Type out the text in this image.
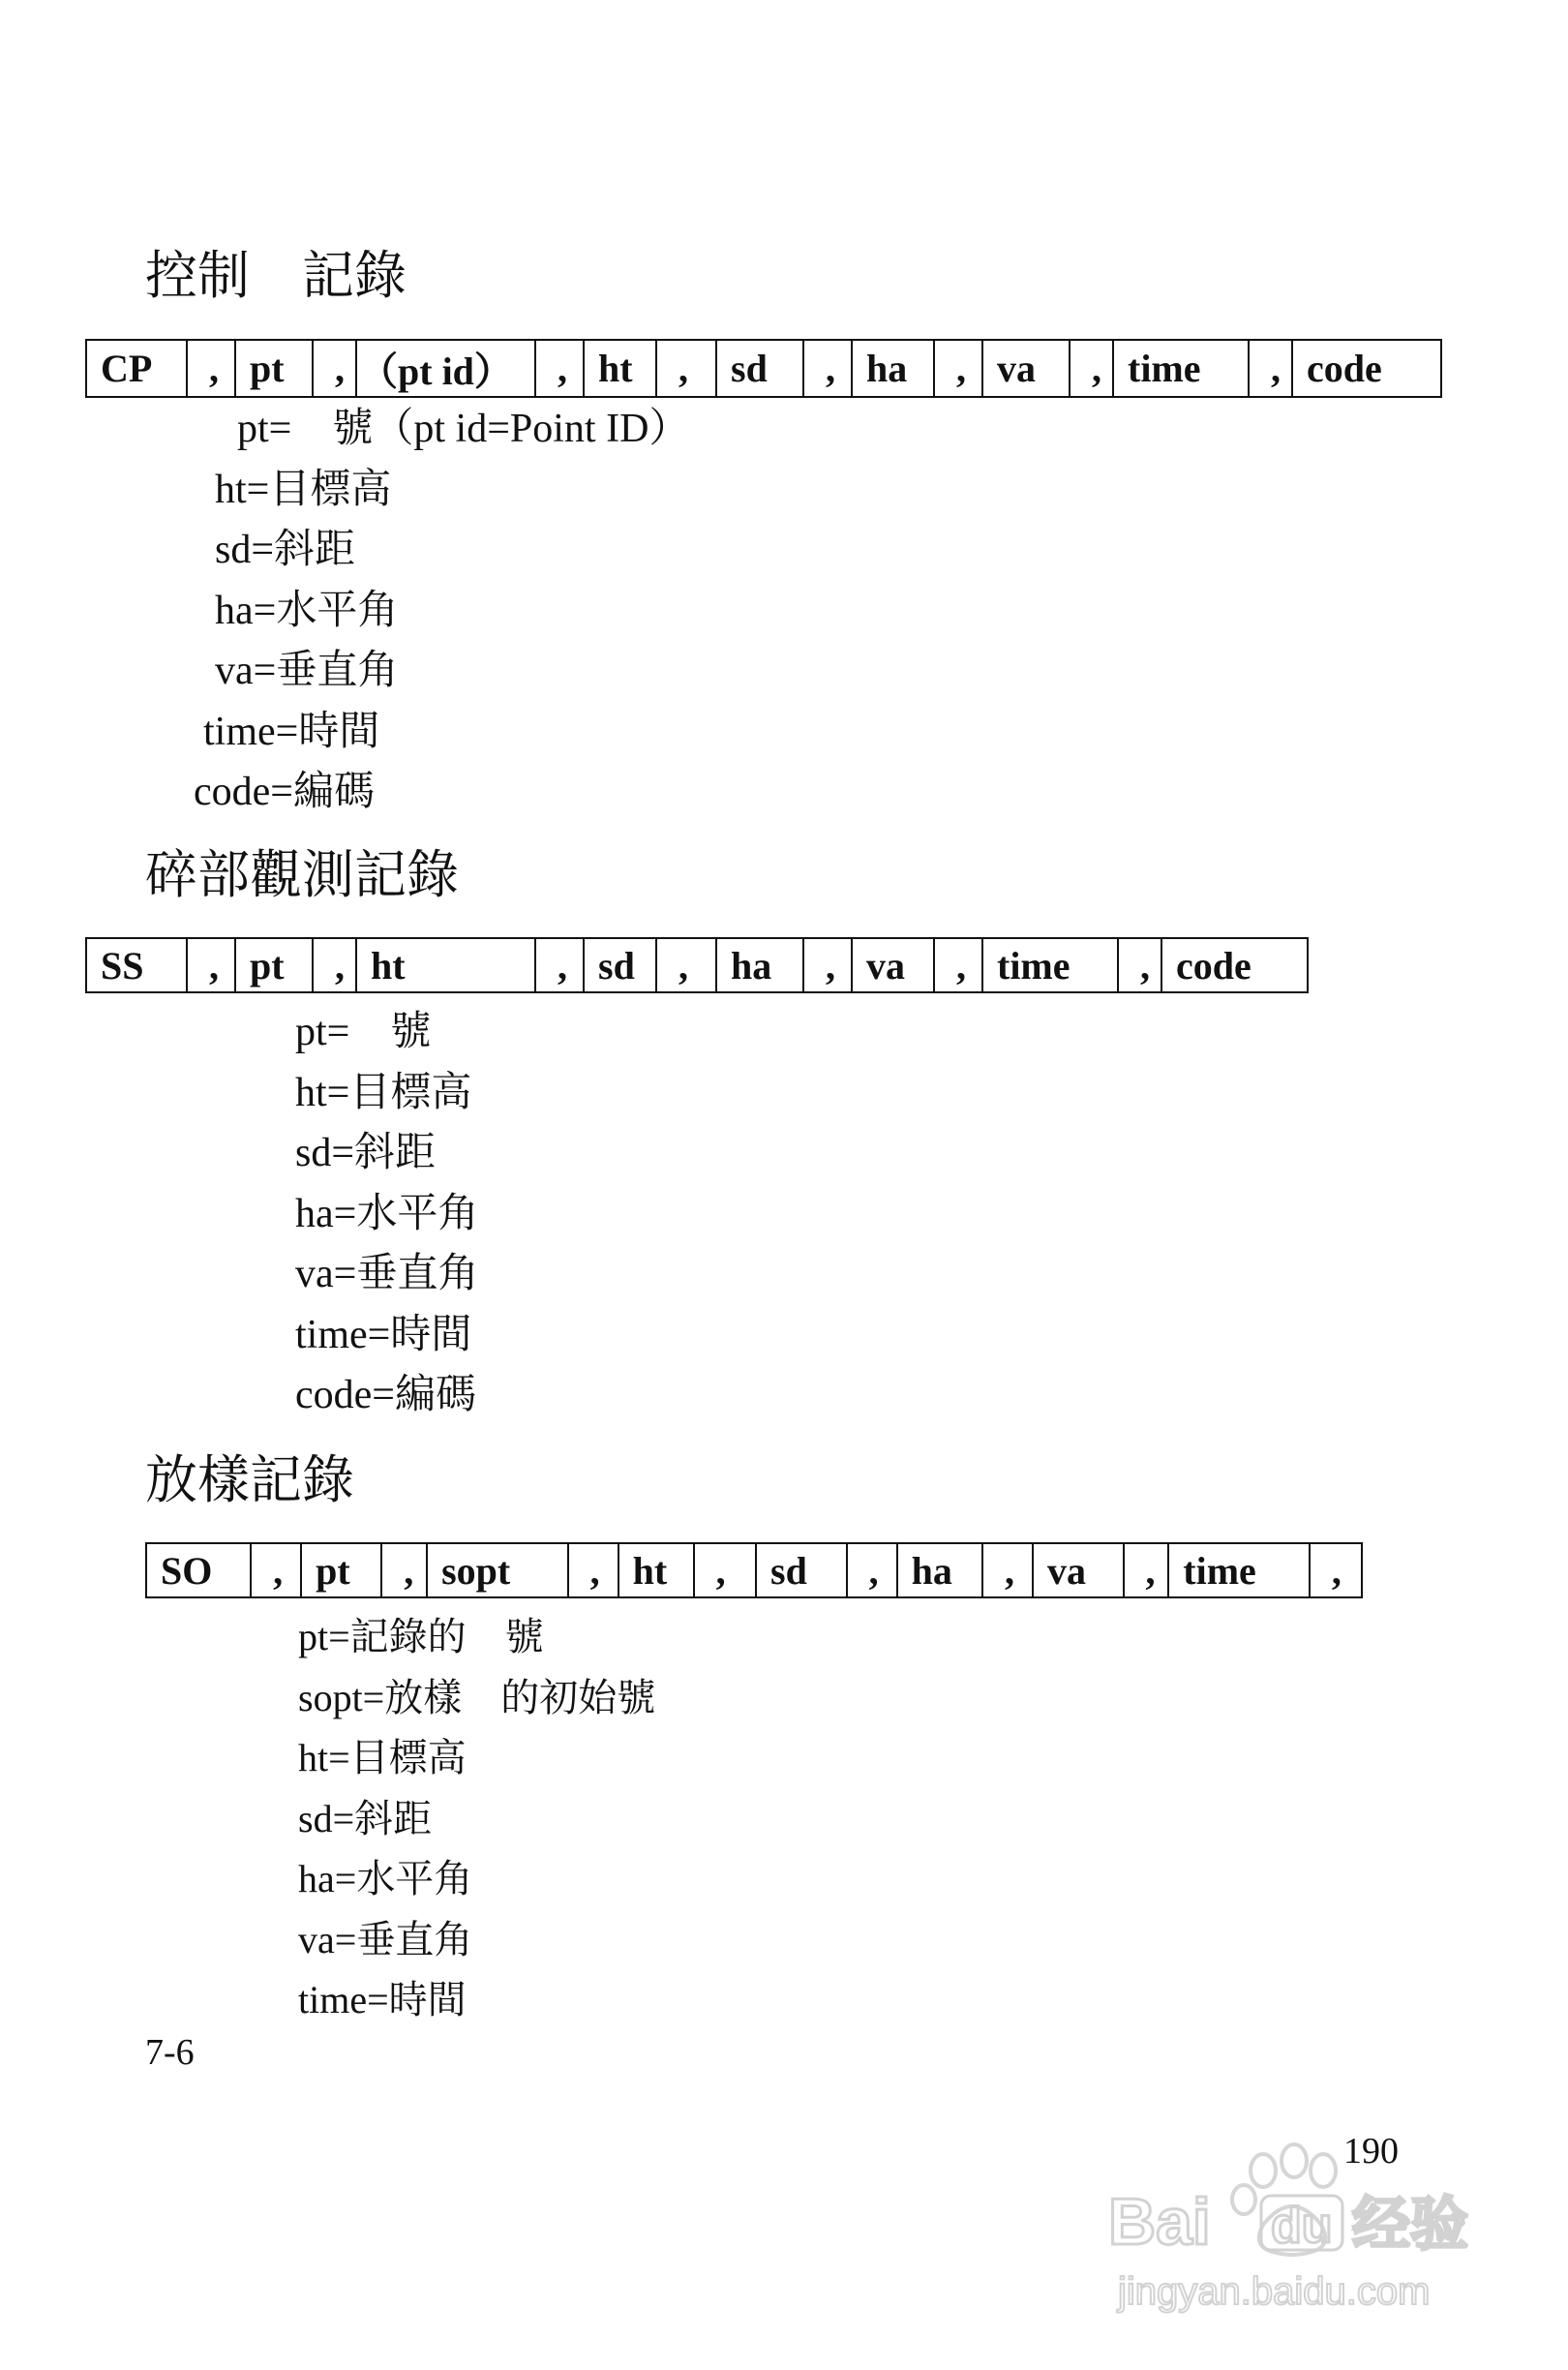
控制　記錄
CP	,	pt	,	（pt id）	,	ht	,	sd	,	ha	,	va	,	time	,	code
pt=　號（pt id=Point ID）
ht=目標高
sd=斜距
ha=水平角
va=垂直角
time=時間
code=編碼
碎部觀測記錄
SS	,	pt	,	ht	,	sd	,	ha	,	va	,	time	,	code
pt=　號
ht=目標高
sd=斜距
ha=水平角
va=垂直角
time=時間
code=編碼
放樣記錄
SO	,	pt	,	sopt	,	ht	,	sd	,	ha	,	va	,	time	,
pt=記錄的　號
sopt=放樣　的初始號
ht=目標高
sd=斜距
ha=水平角
va=垂直角
time=時間
7-6
190
Bai 经验
du
jingyan.baidu.com
